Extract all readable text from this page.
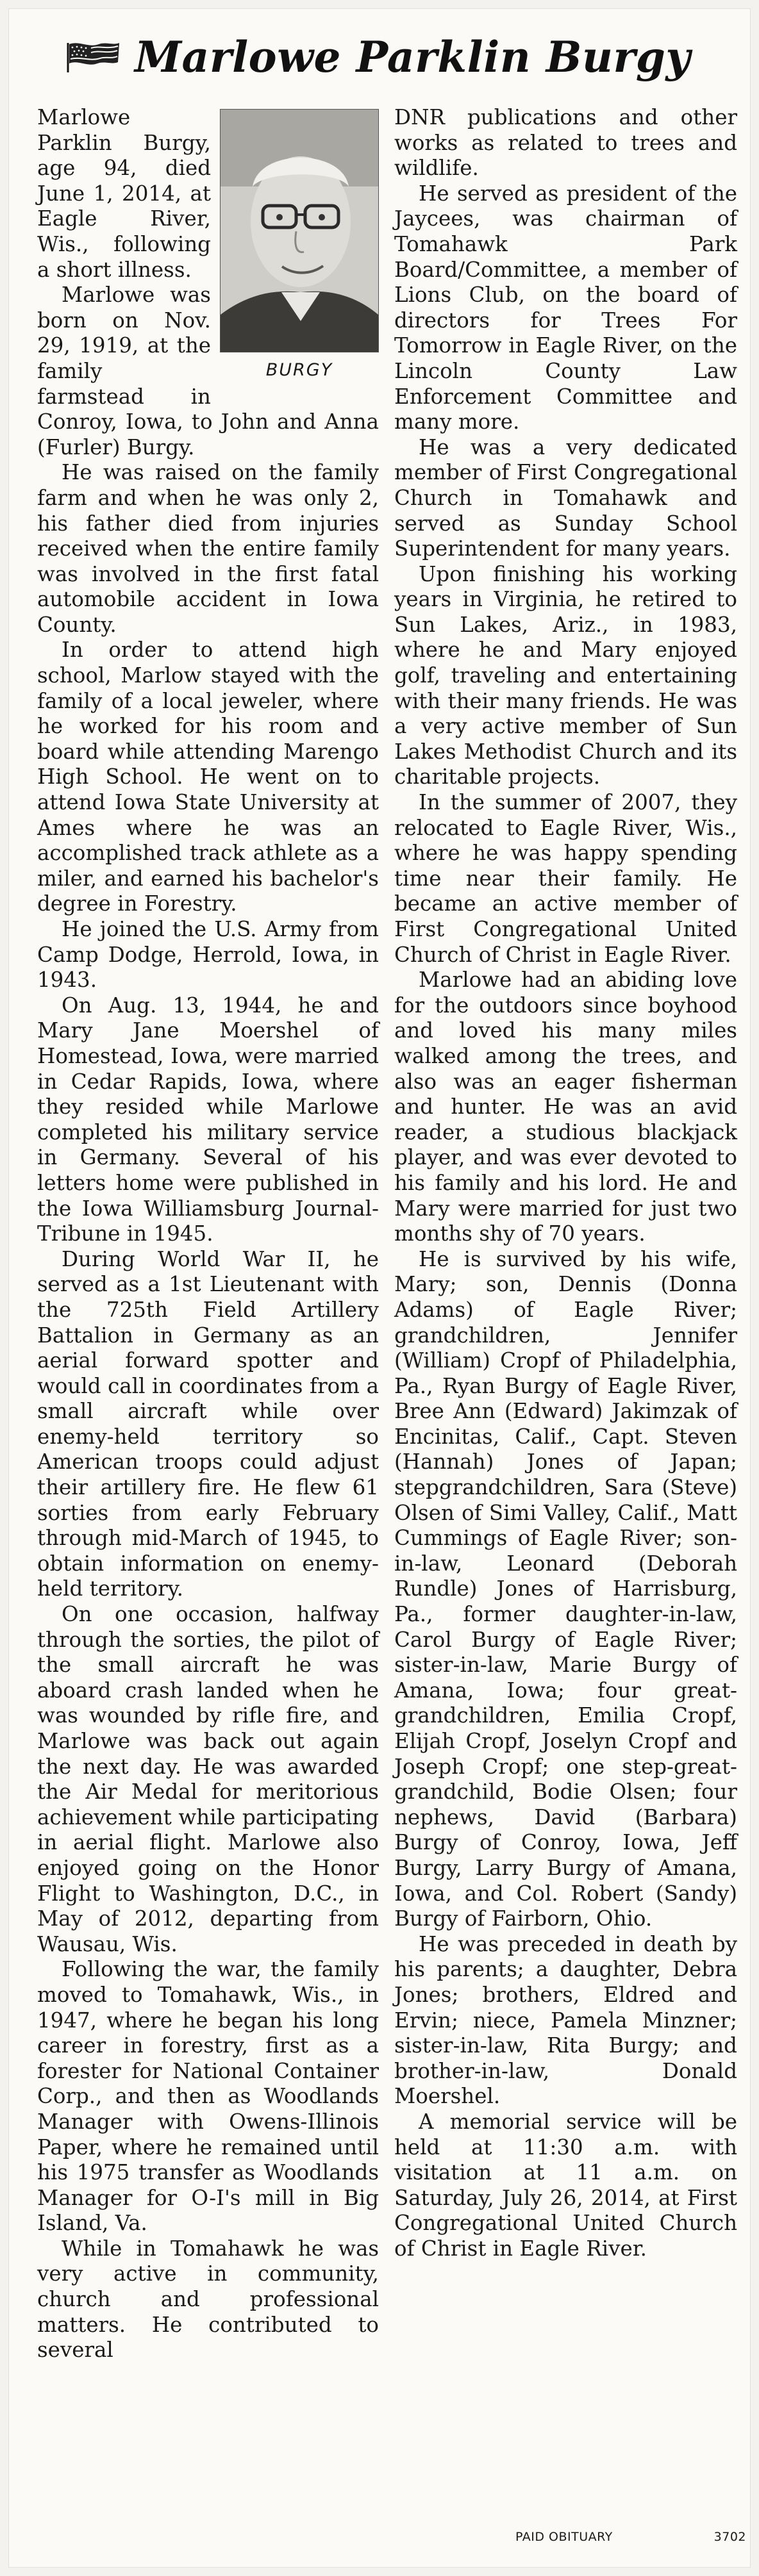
Marlowe Parklin Burgy
BURGY

Marlowe Parklin Burgy, age 94, died June 1, 2014, at Eagle River, Wis., following a short illness.

Marlowe was born on Nov. 29, 1919, at the family farmstead in Conroy, Iowa, to John and Anna (Furler) Burgy.

He was raised on the family farm and when he was only 2, his father died from injuries received when the entire family was involved in the first fatal automobile accident in Iowa County.

In order to attend high school, Marlow stayed with the family of a local jeweler, where he worked for his room and board while attending Marengo High School. He went on to attend Iowa State University at Ames where he was an accomplished track athlete as a miler, and earned his bachelor's degree in Forestry.

He joined the U.S. Army from Camp Dodge, Herrold, Iowa, in 1943.

On Aug. 13, 1944, he and Mary Jane Moershel of Homestead, Iowa, were married in Cedar Rapids, Iowa, where they resided while Marlowe completed his military service in Germany. Several of his letters home were published in the Iowa Williamsburg Journal-Tribune in 1945.

During World War II, he served as a 1st Lieutenant with the 725th Field Artillery Battalion in Germany as an aerial forward spotter and would call in coordinates from a small aircraft while over enemy-held territory so American troops could adjust their artillery fire. He flew 61 sorties from early February through mid-March of 1945, to obtain information on enemy-held territory.

On one occasion, halfway through the sorties, the pilot of the small aircraft he was aboard crash landed when he was wounded by rifle fire, and Marlowe was back out again the next day. He was awarded the Air Medal for meritorious achievement while participating in aerial flight. Marlowe also enjoyed going on the Honor Flight to Washington, D.C., in May of 2012, departing from Wausau, Wis.

Following the war, the family moved to Tomahawk, Wis., in 1947, where he began his long career in forestry, first as a forester for National Container Corp., and then as Woodlands Manager with Owens-Illinois Paper, where he remained until his 1975 transfer as Woodlands Manager for O-I's mill in Big Island, Va.

While in Tomahawk he was very active in community, church and professional matters. He contributed to several

DNR publications and other works as related to trees and wildlife.

He served as president of the Jaycees, was chairman of Tomahawk Park Board/Committee, a member of Lions Club, on the board of directors for Trees For Tomorrow in Eagle River, on the Lincoln County Law Enforcement Committee and many more.

He was a very dedicated member of First Congregational Church in Tomahawk and served as Sunday School Superintendent for many years.

Upon finishing his working years in Virginia, he retired to Sun Lakes, Ariz., in 1983, where he and Mary enjoyed golf, traveling and entertaining with their many friends. He was a very active member of Sun Lakes Methodist Church and its charitable projects.

In the summer of 2007, they relocated to Eagle River, Wis., where he was happy spending time near their family. He became an active member of First Congregational United Church of Christ in Eagle River.

Marlowe had an abiding love for the outdoors since boyhood and loved his many miles walked among the trees, and also was an eager fisherman and hunter. He was an avid reader, a studious blackjack player, and was ever devoted to his family and his lord. He and Mary were married for just two months shy of 70 years.

He is survived by his wife, Mary; son, Dennis (Donna Adams) of Eagle River; grandchildren, Jennifer (William) Cropf of Philadelphia, Pa., Ryan Burgy of Eagle River, Bree Ann (Edward) Jakimzak of Encinitas, Calif., Capt. Steven (Hannah) Jones of Japan; stepgrandchildren, Sara (Steve) Olsen of Simi Valley, Calif., Matt Cummings of Eagle River; son-in-law, Leonard (Deborah Rundle) Jones of Harrisburg, Pa., former daughter-in-law, Carol Burgy of Eagle River; sister-in-law, Marie Burgy of Amana, Iowa; four great-grandchildren, Emilia Cropf, Elijah Cropf, Joselyn Cropf and Joseph Cropf; one step-great-grandchild, Bodie Olsen; four nephews, David (Barbara) Burgy of Conroy, Iowa, Jeff Burgy, Larry Burgy of Amana, Iowa, and Col. Robert (Sandy) Burgy of Fairborn, Ohio.

He was preceded in death by his parents; a daughter, Debra Jones; brothers, Eldred and Ervin; niece, Pamela Minzner; sister-in-law, Rita Burgy; and brother-in-law, Donald Moershel.

A memorial service will be held at 11:30 a.m. with visitation at 11 a.m. on Saturday, July 26, 2014, at First Congregational United Church of Christ in Eagle River.

PAID OBITUARY	3702
